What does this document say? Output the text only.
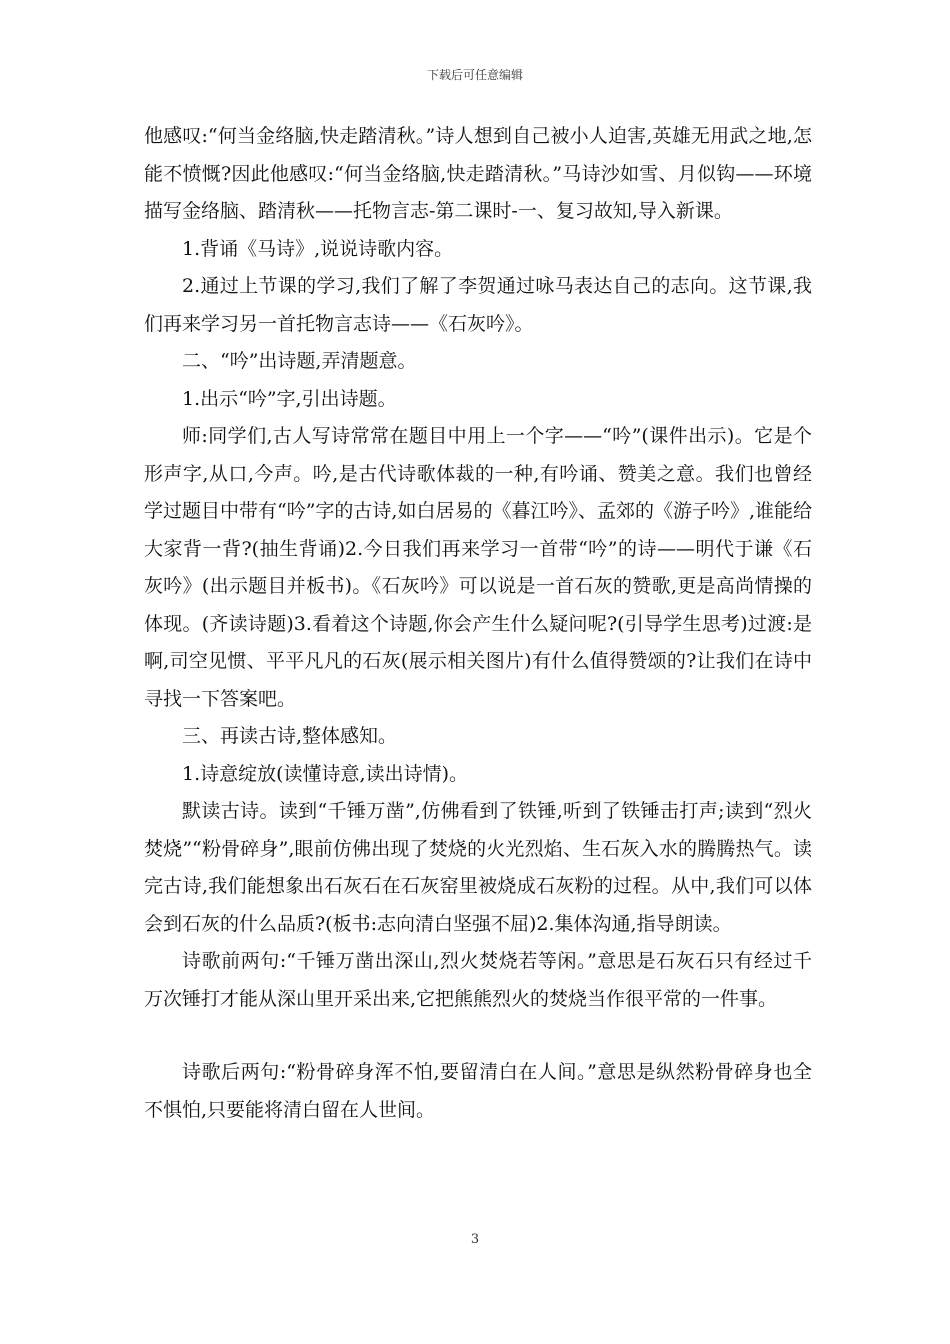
下载后可任意编辑

他感叹:“何当金络脑,快走踏清秋。”诗人想到自己被小人迫害,英雄无用武之地,怎能不愤慨?因此他感叹:“何当金络脑,快走踏清秋。”马诗沙如雪、月似钩——环境描写金络脑、踏清秋——托物言志-第二课时-一、复习故知,导入新课。

1.背诵《马诗》,说说诗歌内容。

2.通过上节课的学习,我们了解了李贺通过咏马表达自己的志向。这节课,我们再来学习另一首托物言志诗——《石灰吟》。

二、“吟”出诗题,弄清题意。

1.出示“吟”字,引出诗题。

师:同学们,古人写诗常常在题目中用上一个字——“吟”(课件出示)。它是个形声字,从口,今声。吟,是古代诗歌体裁的一种,有吟诵、赞美之意。我们也曾经学过题目中带有“吟”字的古诗,如白居易的《暮江吟》、孟郊的《游子吟》,谁能给大家背一背?(抽生背诵)2.今日我们再来学习一首带“吟”的诗——明代于谦《石灰吟》(出示题目并板书)。《石灰吟》可以说是一首石灰的赞歌,更是高尚情操的体现。(齐读诗题)3.看着这个诗题,你会产生什么疑问呢?(引导学生思考)过渡:是啊,司空见惯、平平凡凡的石灰(展示相关图片)有什么值得赞颂的?让我们在诗中寻找一下答案吧。

三、再读古诗,整体感知。

1.诗意绽放(读懂诗意,读出诗情)。

默读古诗。读到“千锤万凿”,仿佛看到了铁锤,听到了铁锤击打声;读到“烈火焚烧”“粉骨碎身”,眼前仿佛出现了焚烧的火光烈焰、生石灰入水的腾腾热气。读完古诗,我们能想象出石灰石在石灰窑里被烧成石灰粉的过程。从中,我们可以体会到石灰的什么品质?(板书:志向清白坚强不屈)2.集体沟通,指导朗读。

诗歌前两句:“千锤万凿出深山,烈火焚烧若等闲。”意思是石灰石只有经过千万次锤打才能从深山里开采出来,它把熊熊烈火的焚烧当作很平常的一件事。

诗歌后两句:“粉骨碎身浑不怕,要留清白在人间。”意思是纵然粉骨碎身也全不惧怕,只要能将清白留在人世间。

3
